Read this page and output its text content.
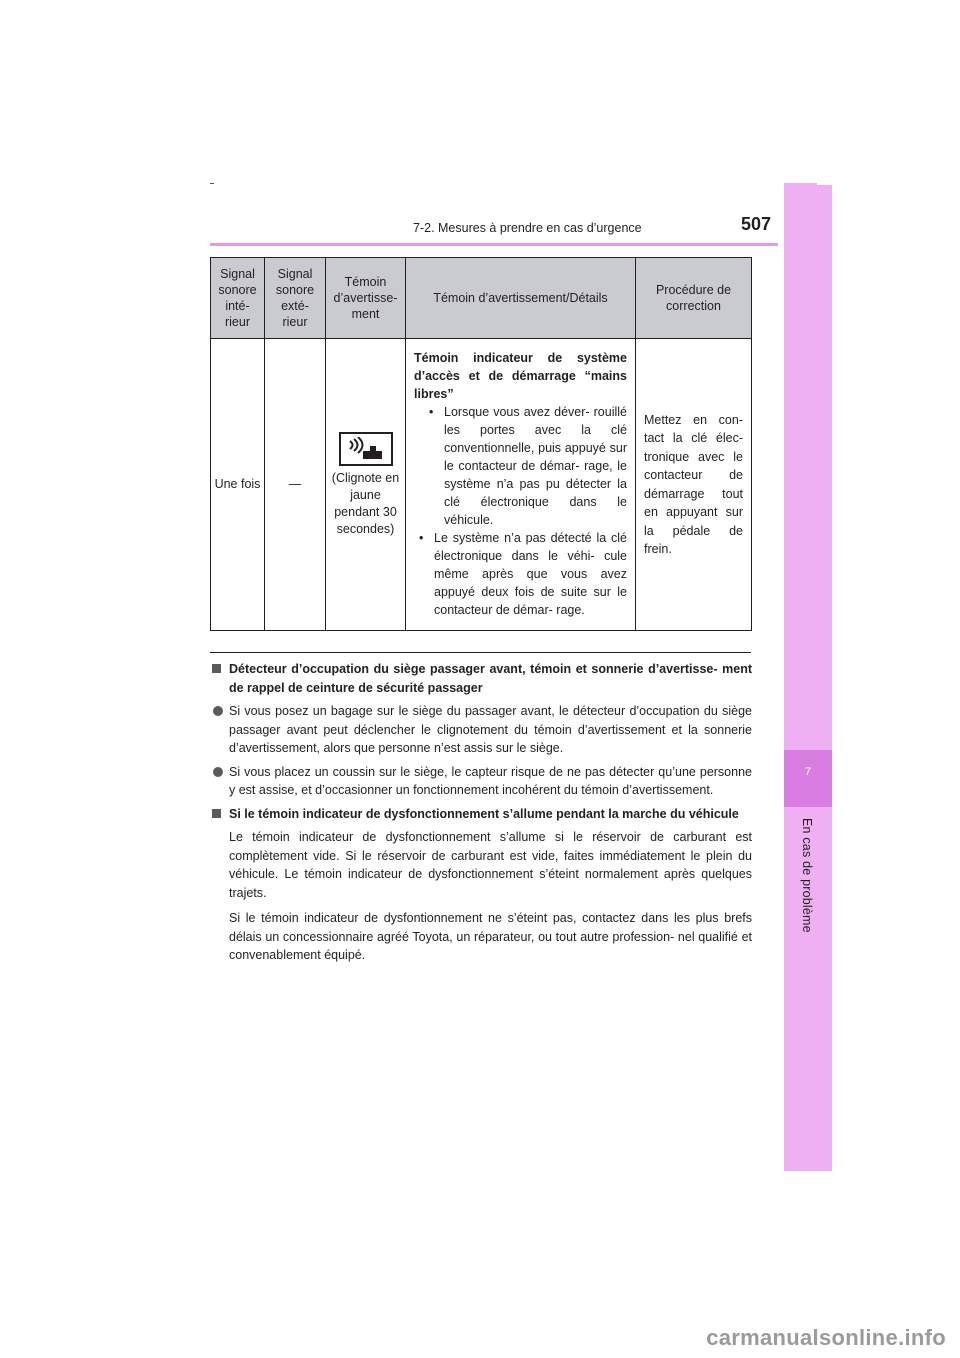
7-2. Mesures à prendre en cas d’urgence	507
7
En cas de problème
Signal sonore inté- rieur	Signal sonore exté- rieur	Témoin d’avertisse- ment	Témoin d’avertissement/Détails	Procédure de correction
Une fois	—	(Clignote en jaune pendant 30 secondes)	Témoin indicateur de système d’accès et de démarrage “mains libres”

• Lorsque vous avez déver- rouillé les portes avec la clé conventionnelle, puis appuyé sur le contacteur de démar- rage, le système n’a pas pu détecter la clé électronique dans le véhicule.

• Le système n’a pas détecté la clé électronique dans le véhi- cule même après que vous avez appuyé deux fois de suite sur le contacteur de démar- rage.	Mettez en con- tact la clé élec- tronique avec le contacteur de démarrage tout en appuyant sur la pédale de frein.
Détecteur d’occupation du siège passager avant, témoin et sonnerie d’avertisse- ment de rappel de ceinture de sécurité passager
Si vous posez un bagage sur le siège du passager avant, le détecteur d’occupation du siège passager avant peut déclencher le clignotement du témoin d’avertissement et la sonnerie d’avertissement, alors que personne n’est assis sur le siège.
Si vous placez un coussin sur le siège, le capteur risque de ne pas détecter qu’une personne y est assise, et d’occasionner un fonctionnement incohérent du témoin d’avertissement.
Si le témoin indicateur de dysfonctionnement s’allume pendant la marche du véhicule
Le témoin indicateur de dysfonctionnement s’allume si le réservoir de carburant est complètement vide. Si le réservoir de carburant est vide, faites immédiatement le plein du véhicule. Le témoin indicateur de dysfonctionnement s’éteint normalement après quelques trajets.
Si le témoin indicateur de dysfontionnement ne s’éteint pas, contactez dans les plus brefs délais un concessionnaire agréé Toyota, un réparateur, ou tout autre profession- nel qualifié et convenablement équipé.
carmanualsonline.info
